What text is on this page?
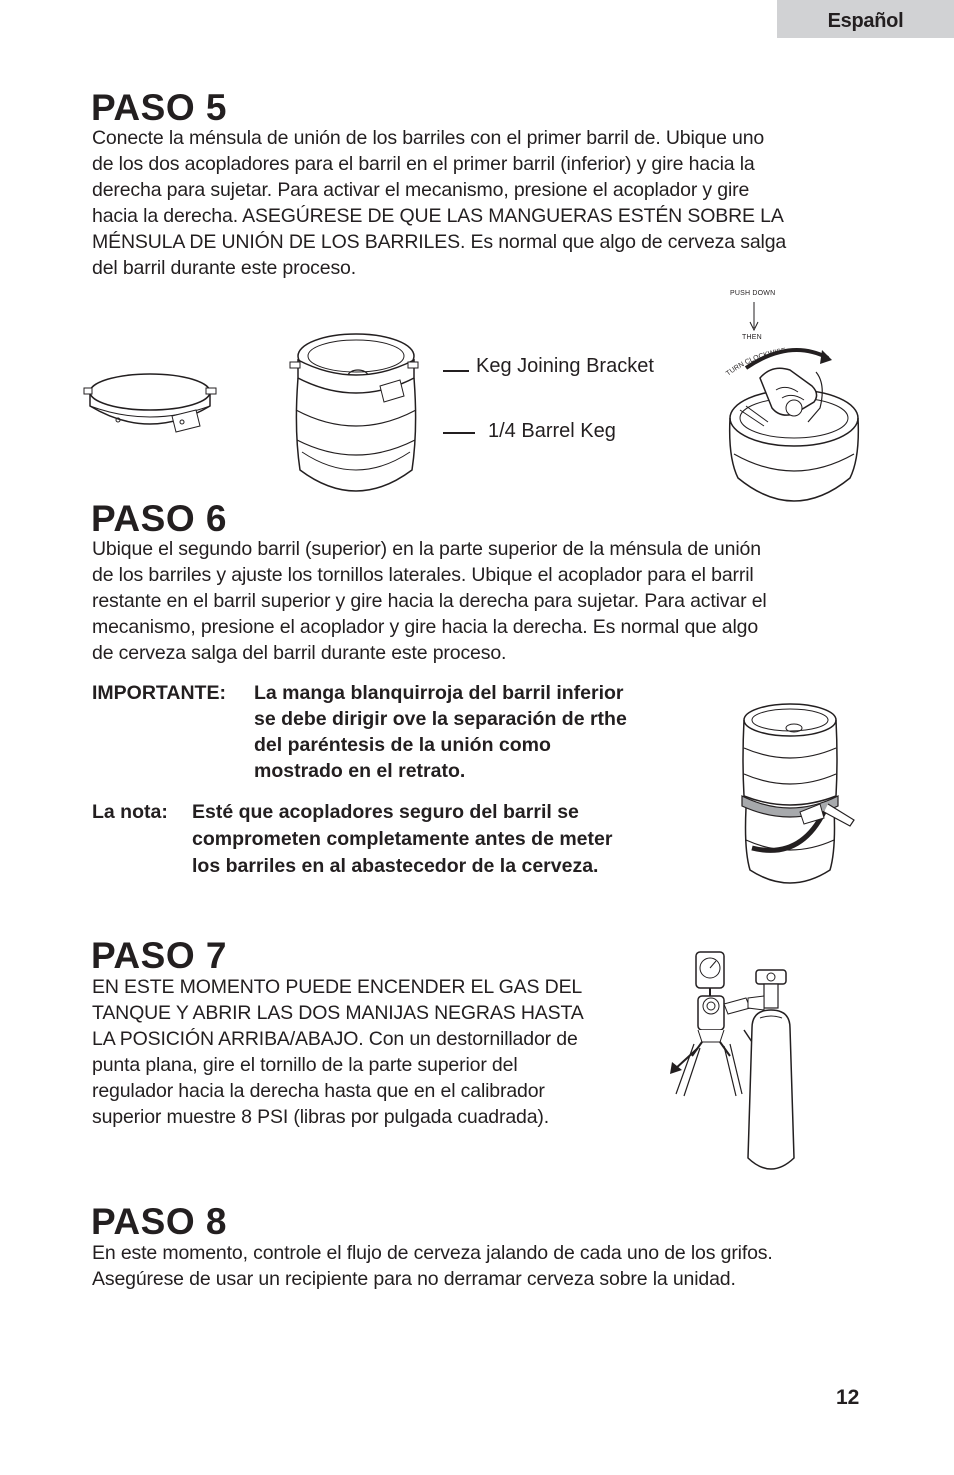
Español
PASO 5
Conecte la ménsula de unión de los barriles con el primer barril de. Ubique uno
de los dos acopladores para el barril en el primer barril (inferior) y gire hacia la
derecha para sujetar. Para activar el mecanismo, presione el acoplador y gire
hacia la derecha. ASEGÚRESE DE QUE LAS MANGUERAS ESTÉN SOBRE LA
MÉNSULA DE UNIÓN DE LOS BARRILES. Es normal que algo de cerveza salga
del barril durante este proceso.
Keg Joining Bracket
1/4 Barrel Keg
PUSH DOWN
THEN
TURN CLOCKWISE
PASO 6
Ubique el segundo barril (superior) en la parte superior de la ménsula de unión
de los barriles y ajuste los tornillos laterales. Ubique el acoplador para el barril
restante en el barril superior y gire hacia la derecha para sujetar. Para activar el
mecanismo, presione el acoplador y gire hacia la derecha. Es normal que algo
de cerveza salga del barril durante este proceso.
IMPORTANTE: La manga blanquirroja del barril inferior
se debe dirigir ove la separación de rthe
del paréntesis de la unión como
mostrado en el retrato.
La nota: Esté que acopladores seguro del barril se
comprometen completamente antes de meter
los barriles en al abastecedor de la cerveza.
PASO 7
EN ESTE MOMENTO PUEDE ENCENDER EL GAS DEL
TANQUE Y ABRIR LAS DOS MANIJAS NEGRAS HASTA
LA POSICIÓN ARRIBA/ABAJO. Con un destornillador de
punta plana, gire el tornillo de la parte superior del
regulador hacia la derecha hasta que en el calibrador
superior muestre 8 PSI (libras por pulgada cuadrada).
PASO 8
En este momento, controle el flujo de cerveza jalando de cada uno de los grifos.
Asegúrese de usar un recipiente para no derramar cerveza sobre la unidad.
12
